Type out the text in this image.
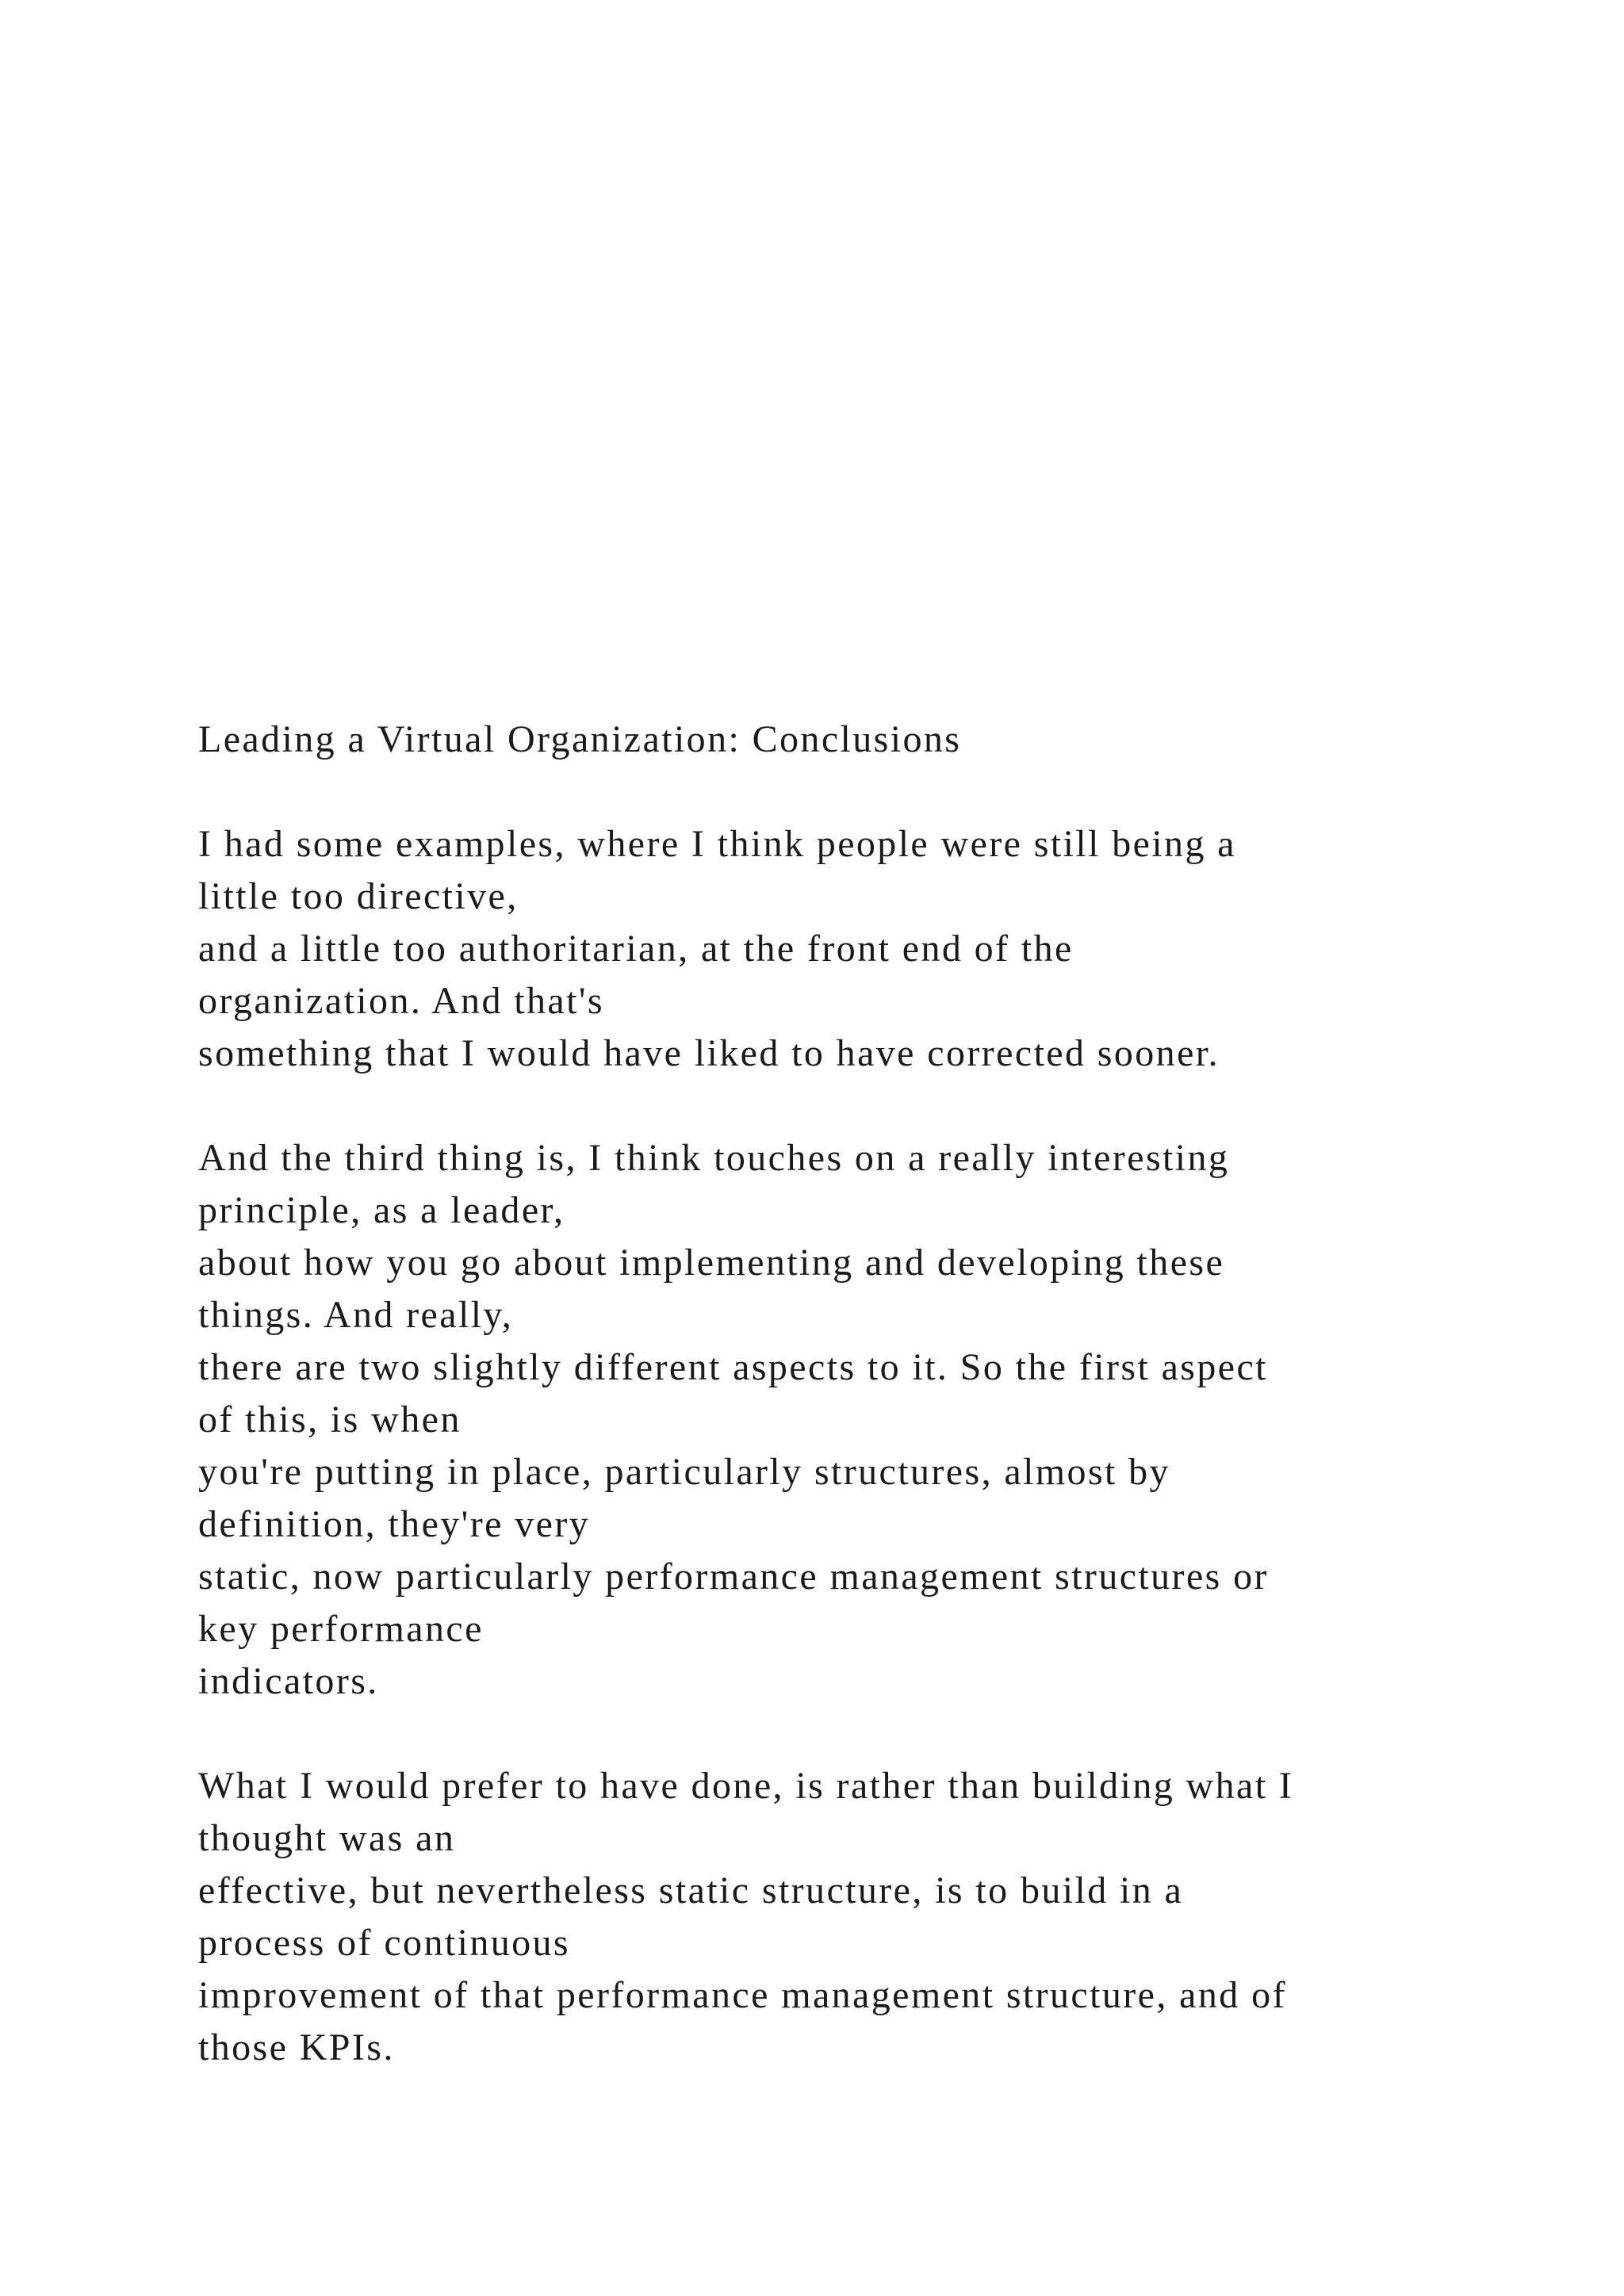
Leading a Virtual Organization: Conclusions
I had some examples, where I think people were still being a
little too directive,
and a little too authoritarian, at the front end of the
organization. And that's
something that I would have liked to have corrected sooner.
And the third thing is, I think touches on a really interesting
principle, as a leader,
about how you go about implementing and developing these
things. And really,
there are two slightly different aspects to it. So the first aspect
of this, is when
you're putting in place, particularly structures, almost by
definition, they're very
static, now particularly performance management structures or
key performance
indicators.
What I would prefer to have done, is rather than building what I
thought was an
effective, but nevertheless static structure, is to build in a
process of continuous
improvement of that performance management structure, and of
those KPIs.
